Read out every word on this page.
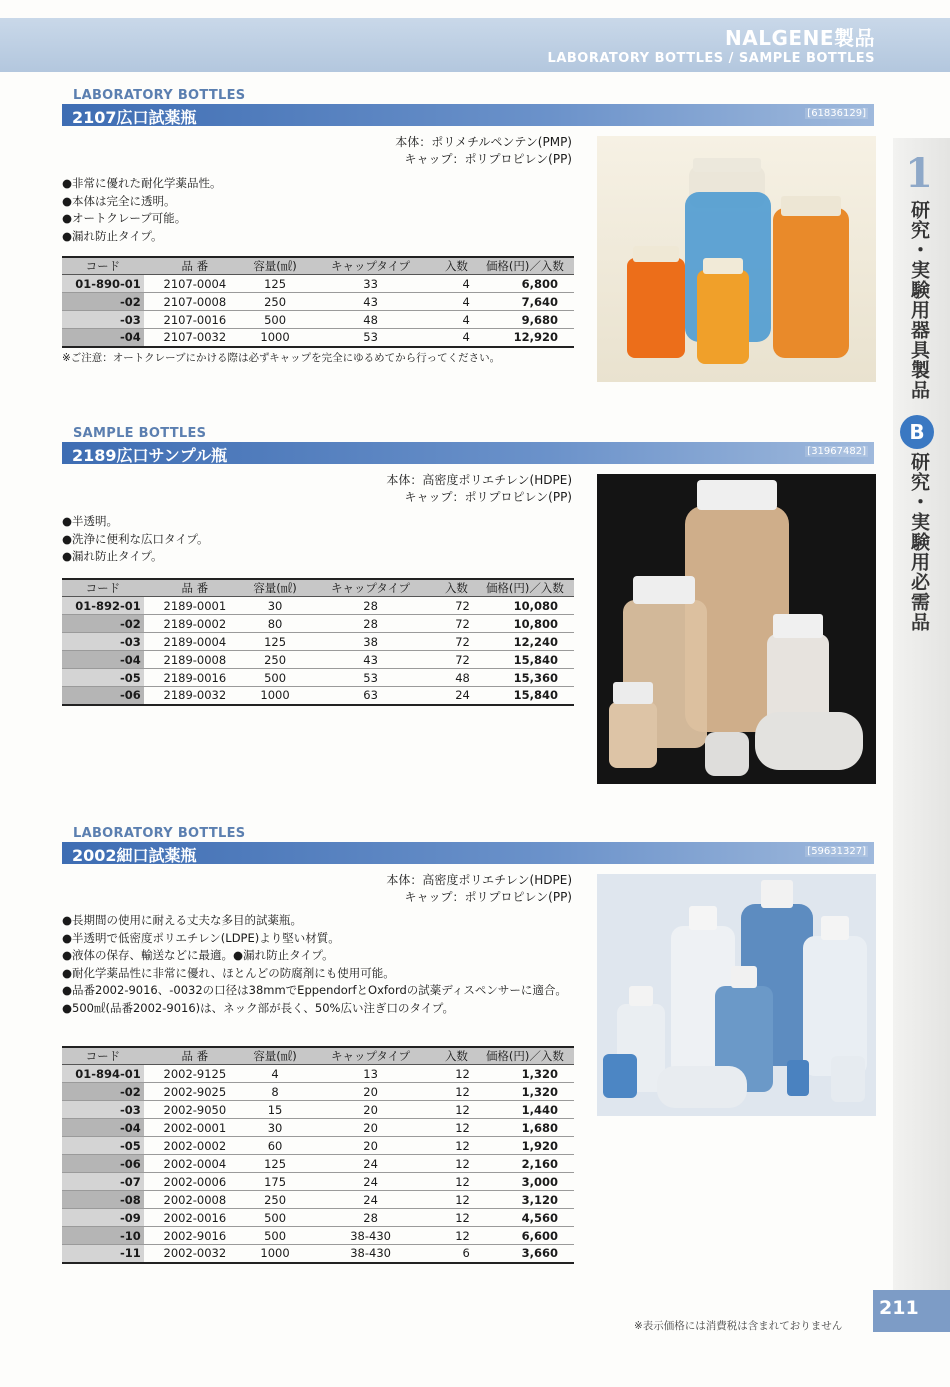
NALGENE製品
LABORATORY BOTTLES / SAMPLE BOTTLES
1
研究・実験用器具製品
B
研究・実験用必需品
LABORATORY BOTTLES
2107広口試薬瓶	[61836129]
本体：ポリメチルペンテン(PMP)
キャップ：ポリプロピレン(PP)
● 非常に優れた耐化学薬品性。
● 本体は完全に透明。
● オートクレーブ可能。
● 漏れ防止タイプ。
コード	品 番	容量(㎖)	キャップタイプ	入数	価格(円)／入数
01-890-01	2107-0004	125	33	4	6,800
-02	2107-0008	250	43	4	7,640
-03	2107-0016	500	48	4	9,680
-04	2107-0032	1000	53	4	12,920
※ご注意：オートクレーブにかける際は必ずキャップを完全にゆるめてから行ってください。
SAMPLE BOTTLES
2189広口サンプル瓶	[31967482]
本体：高密度ポリエチレン(HDPE)
キャップ：ポリプロピレン(PP)
● 半透明。
● 洗浄に便利な広口タイプ。
● 漏れ防止タイプ。
コード	品 番	容量(㎖)	キャップタイプ	入数	価格(円)／入数
01-892-01	2189-0001	30	28	72	10,080
-02	2189-0002	80	28	72	10,800
-03	2189-0004	125	38	72	12,240
-04	2189-0008	250	43	72	15,840
-05	2189-0016	500	53	48	15,360
-06	2189-0032	1000	63	24	15,840
LABORATORY BOTTLES
2002細口試薬瓶	[59631327]
本体：高密度ポリエチレン(HDPE)
キャップ：ポリプロピレン(PP)
● 長期間の使用に耐える丈夫な多目的試薬瓶。
● 半透明で低密度ポリエチレン(LDPE)より堅い材質。
● 液体の保存、輸送などに最適。●漏れ防止タイプ。
● 耐化学薬品性に非常に優れ、ほとんどの防腐剤にも使用可能。
● 品番2002-9016、-0032の口径は38mmでEppendorfとOxfordの試薬ディスペンサーに適合。
● 500㎖(品番2002-9016)は、ネック部が長く、50%広い注ぎ口のタイプ。
コード	品 番	容量(㎖)	キャップタイプ	入数	価格(円)／入数
01-894-01	2002-9125	4	13	12	1,320
-02	2002-9025	8	20	12	1,320
-03	2002-9050	15	20	12	1,440
-04	2002-0001	30	20	12	1,680
-05	2002-0002	60	20	12	1,920
-06	2002-0004	125	24	12	2,160
-07	2002-0006	175	24	12	3,000
-08	2002-0008	250	24	12	3,120
-09	2002-0016	500	28	12	4,560
-10	2002-9016	500	38-430	12	6,600
-11	2002-0032	1000	38-430	6	3,660
211
※表示価格には消費税は含まれておりません
